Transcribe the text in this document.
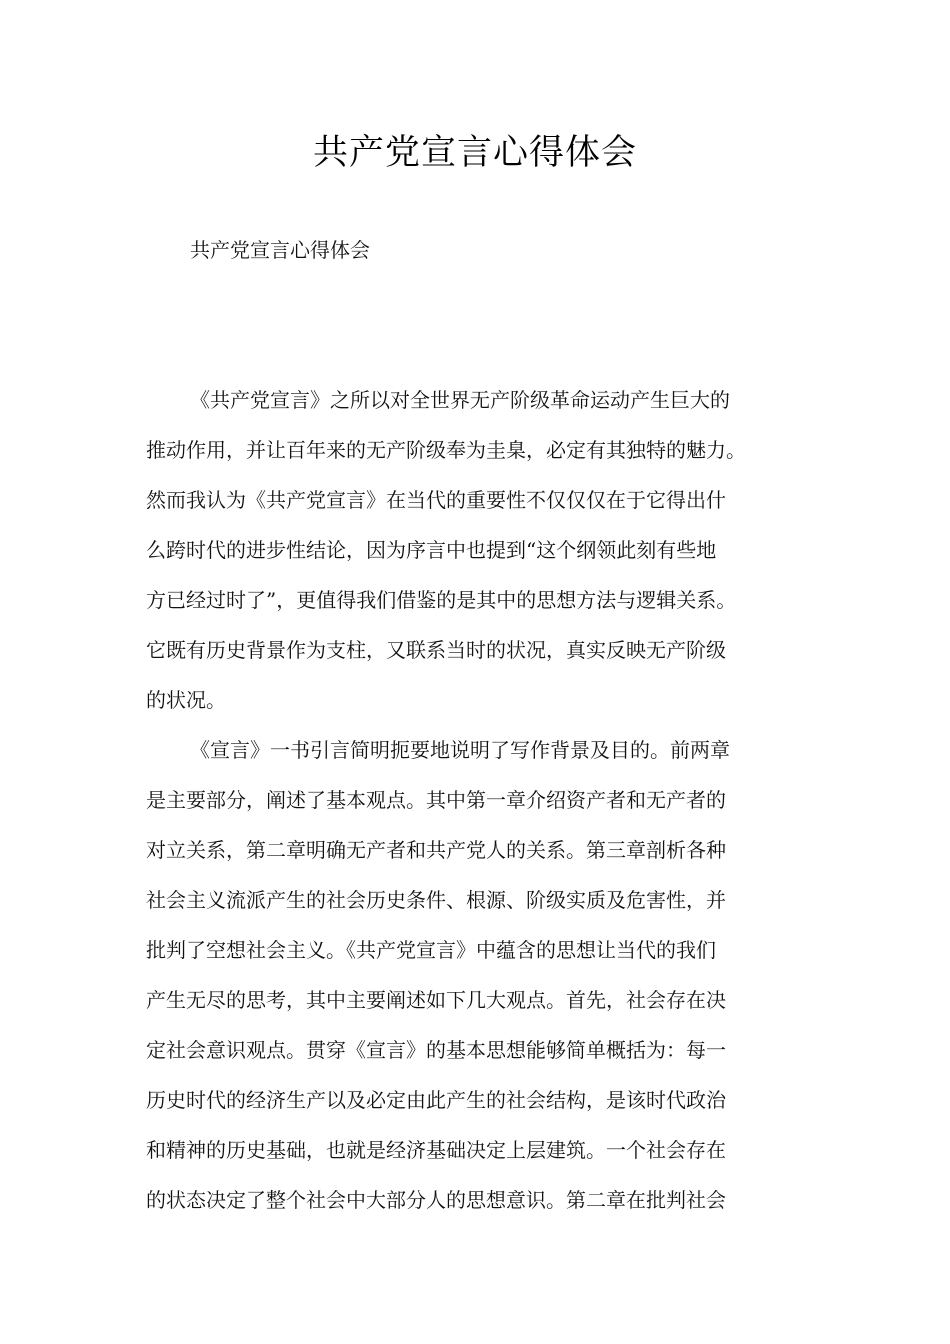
共产党宣言心得体会
共产党宣言心得体会
《共产党宣言》之所以对全世界无产阶级革命运动产生巨大的
推动作用，并让百年来的无产阶级奉为圭臬，必定有其独特的魅力。
然而我认为《共产党宣言》在当代的重要性不仅仅仅在于它得出什
么跨时代的进步性结论，因为序言中也提到“这个纲领此刻有些地
方已经过时了”，更值得我们借鉴的是其中的思想方法与逻辑关系。
它既有历史背景作为支柱，又联系当时的状况，真实反映无产阶级
的状况。
《宣言》一书引言简明扼要地说明了写作背景及目的。前两章
是主要部分，阐述了基本观点。其中第一章介绍资产者和无产者的
对立关系，第二章明确无产者和共产党人的关系。第三章剖析各种
社会主义流派产生的社会历史条件、根源、阶级实质及危害性，并
批判了空想社会主义。《共产党宣言》中蕴含的思想让当代的我们
产生无尽的思考，其中主要阐述如下几大观点。首先，社会存在决
定社会意识观点。贯穿《宣言》的基本思想能够简单概括为：每一
历史时代的经济生产以及必定由此产生的社会结构，是该时代政治
和精神的历史基础，也就是经济基础决定上层建筑。一个社会存在
的状态决定了整个社会中大部分人的思想意识。第二章在批判社会
